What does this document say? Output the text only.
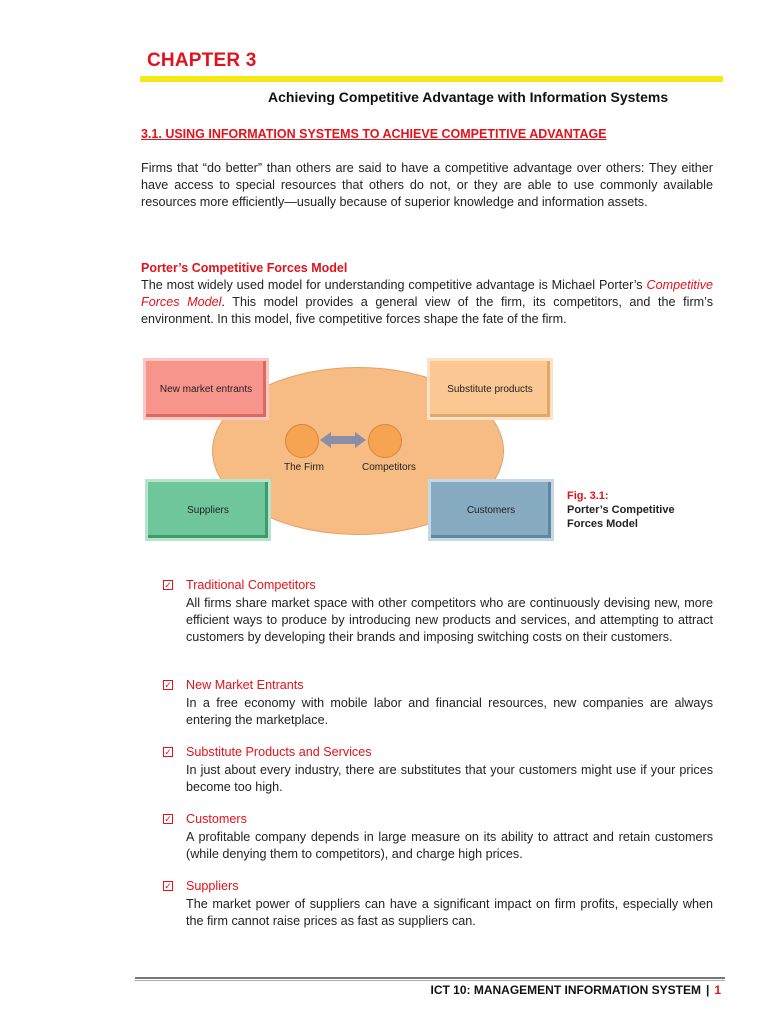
CHAPTER 3
Achieving Competitive Advantage with Information Systems
3.1. USING INFORMATION SYSTEMS TO ACHIEVE COMPETITIVE ADVANTAGE
Firms that “do better” than others are said to have a competitive advantage over others: They either have access to special resources that others do not, or they are able to use commonly available resources more efficiently—usually because of superior knowledge and information assets.
Porter’s Competitive Forces Model
The most widely used model for understanding competitive advantage is Michael Porter’s Competitive Forces Model. This model provides a general view of the firm, its competitors, and the firm’s environment. In this model, five competitive forces shape the fate of the firm.
New market entrants	Substitute products
Suppliers	Customers
The Firm	Competitors
Fig. 3.1:
Porter’s Competitive Forces Model
✓ Traditional Competitors
All firms share market space with other competitors who are continuously devising new, more efficient ways to produce by introducing new products and services, and attempting to attract customers by developing their brands and imposing switching costs on their customers.
✓ New Market Entrants
In a free economy with mobile labor and financial resources, new companies are always entering the marketplace.
✓ Substitute Products and Services
In just about every industry, there are substitutes that your customers might use if your prices become too high.
✓ Customers
A profitable company depends in large measure on its ability to attract and retain customers (while denying them to competitors), and charge high prices.
✓ Suppliers
The market power of suppliers can have a significant impact on firm profits, especially when the firm cannot raise prices as fast as suppliers can.
ICT 10: MANAGEMENT INFORMATION SYSTEM | 1
